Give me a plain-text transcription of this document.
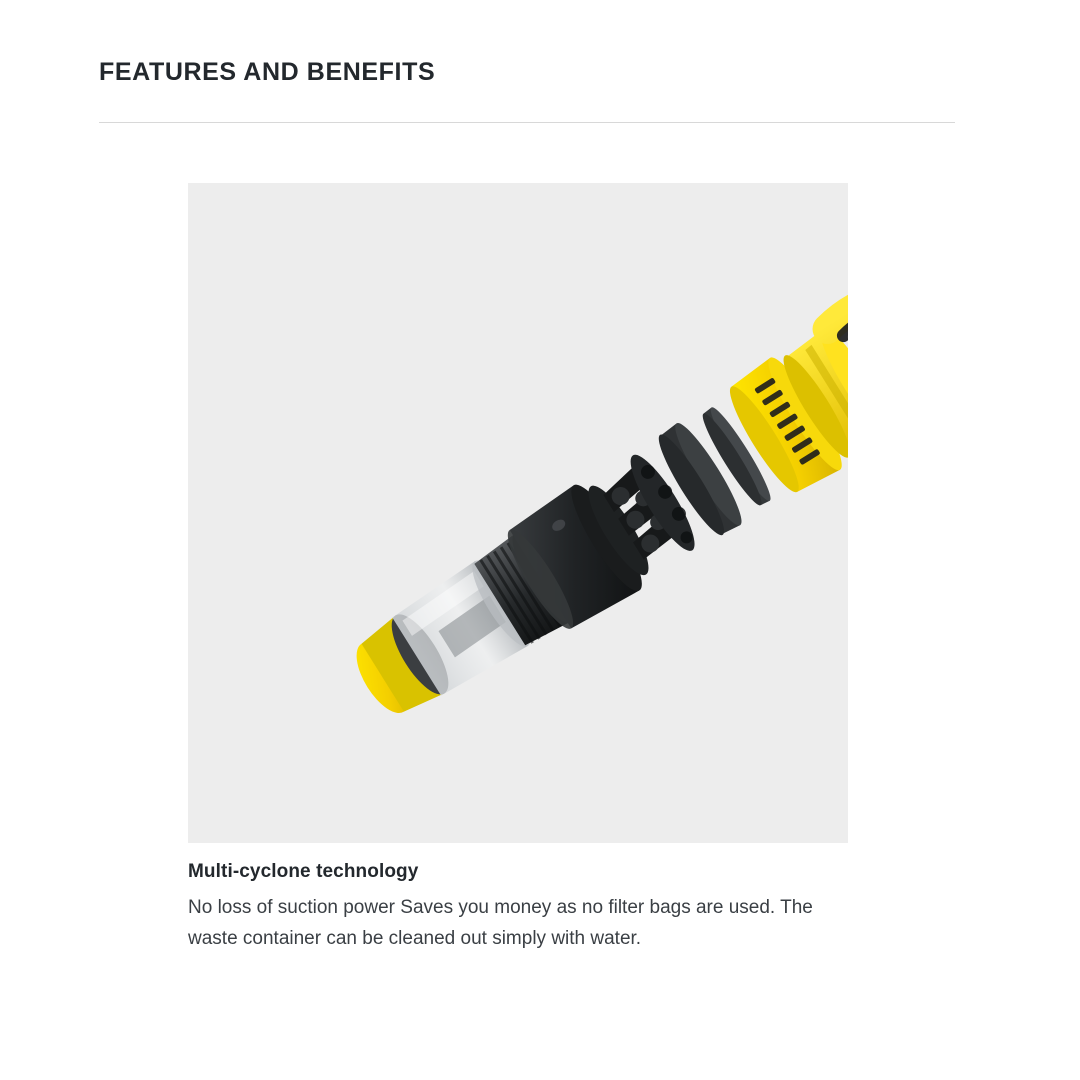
FEATURES AND BENEFITS
Multi-cyclone technology
No loss of suction power Saves you money as no filter bags are used. The waste container can be cleaned out simply with water.
